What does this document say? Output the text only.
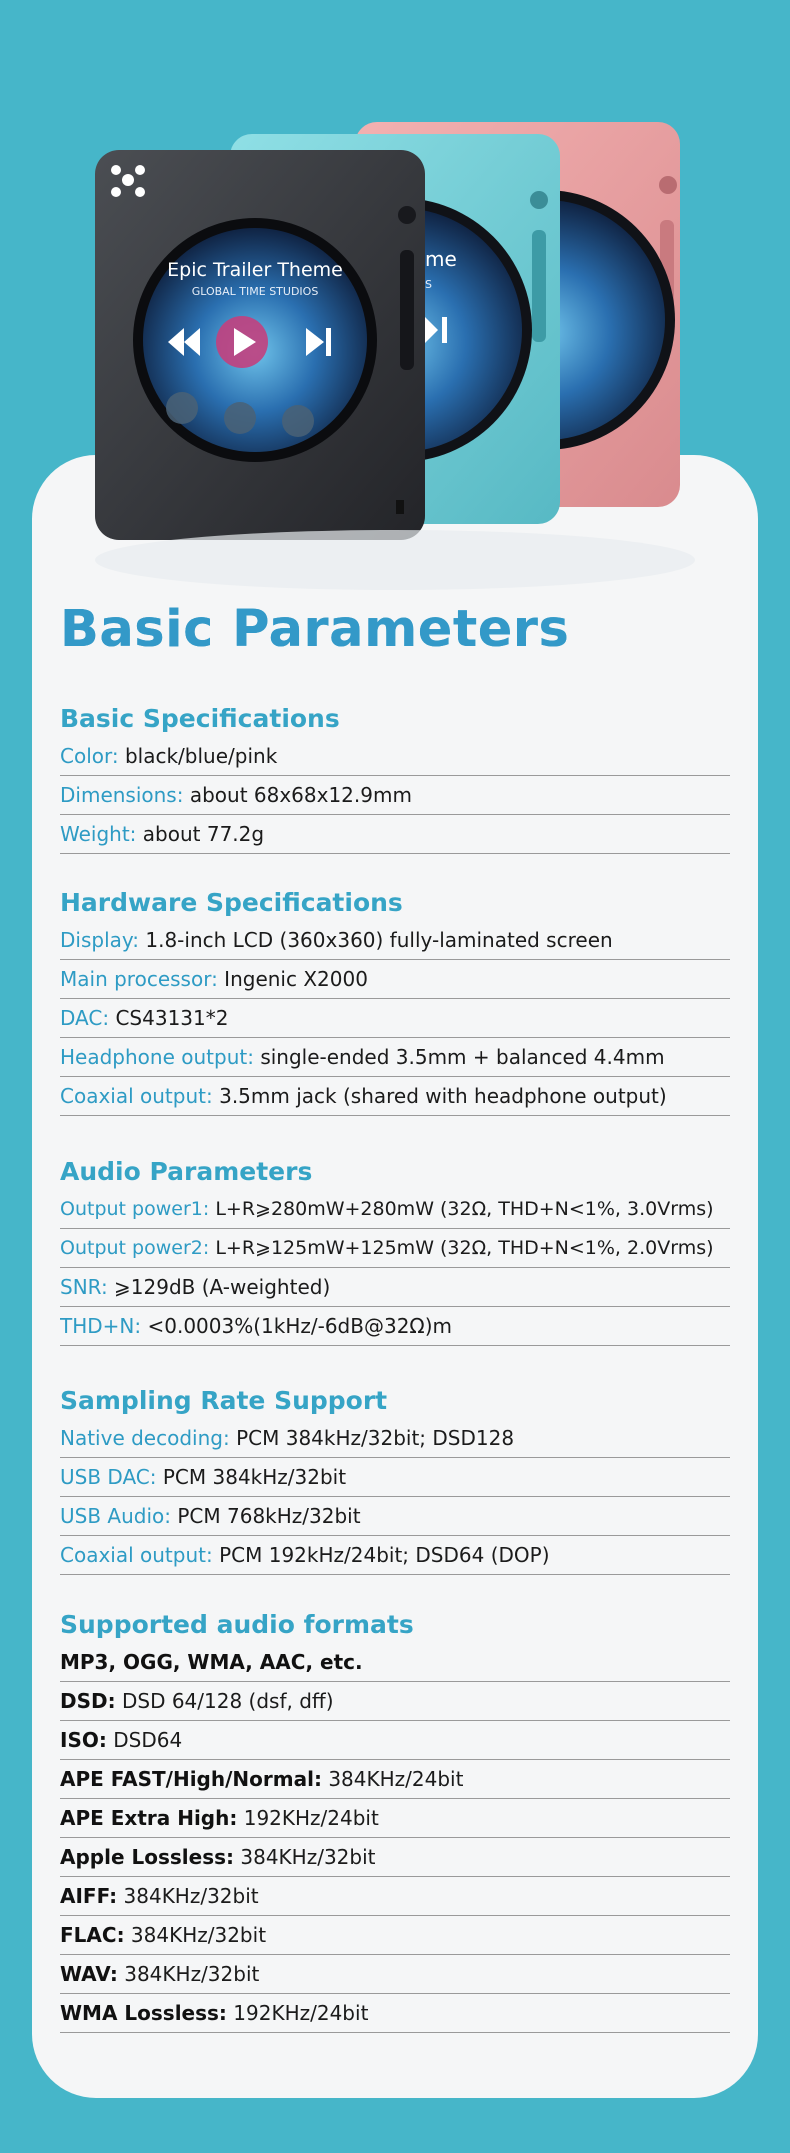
me
S
Epic Trailer Theme
GLOBAL TIME STUDIOS
Basic Parameters
Basic Specifications
Color: black/blue/pink
Dimensions: about 68x68x12.9mm
Weight: about 77.2g
Hardware Specifications
Display: 1.8-inch LCD (360x360) fully-laminated screen
Main processor: Ingenic X2000
DAC: CS43131*2
Headphone output: single-ended 3.5mm + balanced 4.4mm
Coaxial output: 3.5mm jack (shared with headphone output)
Audio Parameters
Output power1: L+R⩾280mW+280mW (32Ω, THD+N<1%, 3.0Vrms)
Output power2: L+R⩾125mW+125mW (32Ω, THD+N<1%, 2.0Vrms)
SNR: ⩾129dB (A-weighted)
THD+N: <0.0003%(1kHz/-6dB@32Ω)m
Sampling Rate Support
Native decoding: PCM 384kHz/32bit; DSD128
USB DAC: PCM 384kHz/32bit
USB Audio: PCM 768kHz/32bit
Coaxial output: PCM 192kHz/24bit; DSD64 (DOP)
Supported audio formats
MP3, OGG, WMA, AAC, etc.
DSD: DSD 64/128 (dsf, dff)
ISO: DSD64
APE FAST/High/Normal: 384KHz/24bit
APE Extra High: 192KHz/24bit
Apple Lossless: 384KHz/32bit
AIFF: 384KHz/32bit
FLAC: 384KHz/32bit
WAV: 384KHz/32bit
WMA Lossless: 192KHz/24bit
